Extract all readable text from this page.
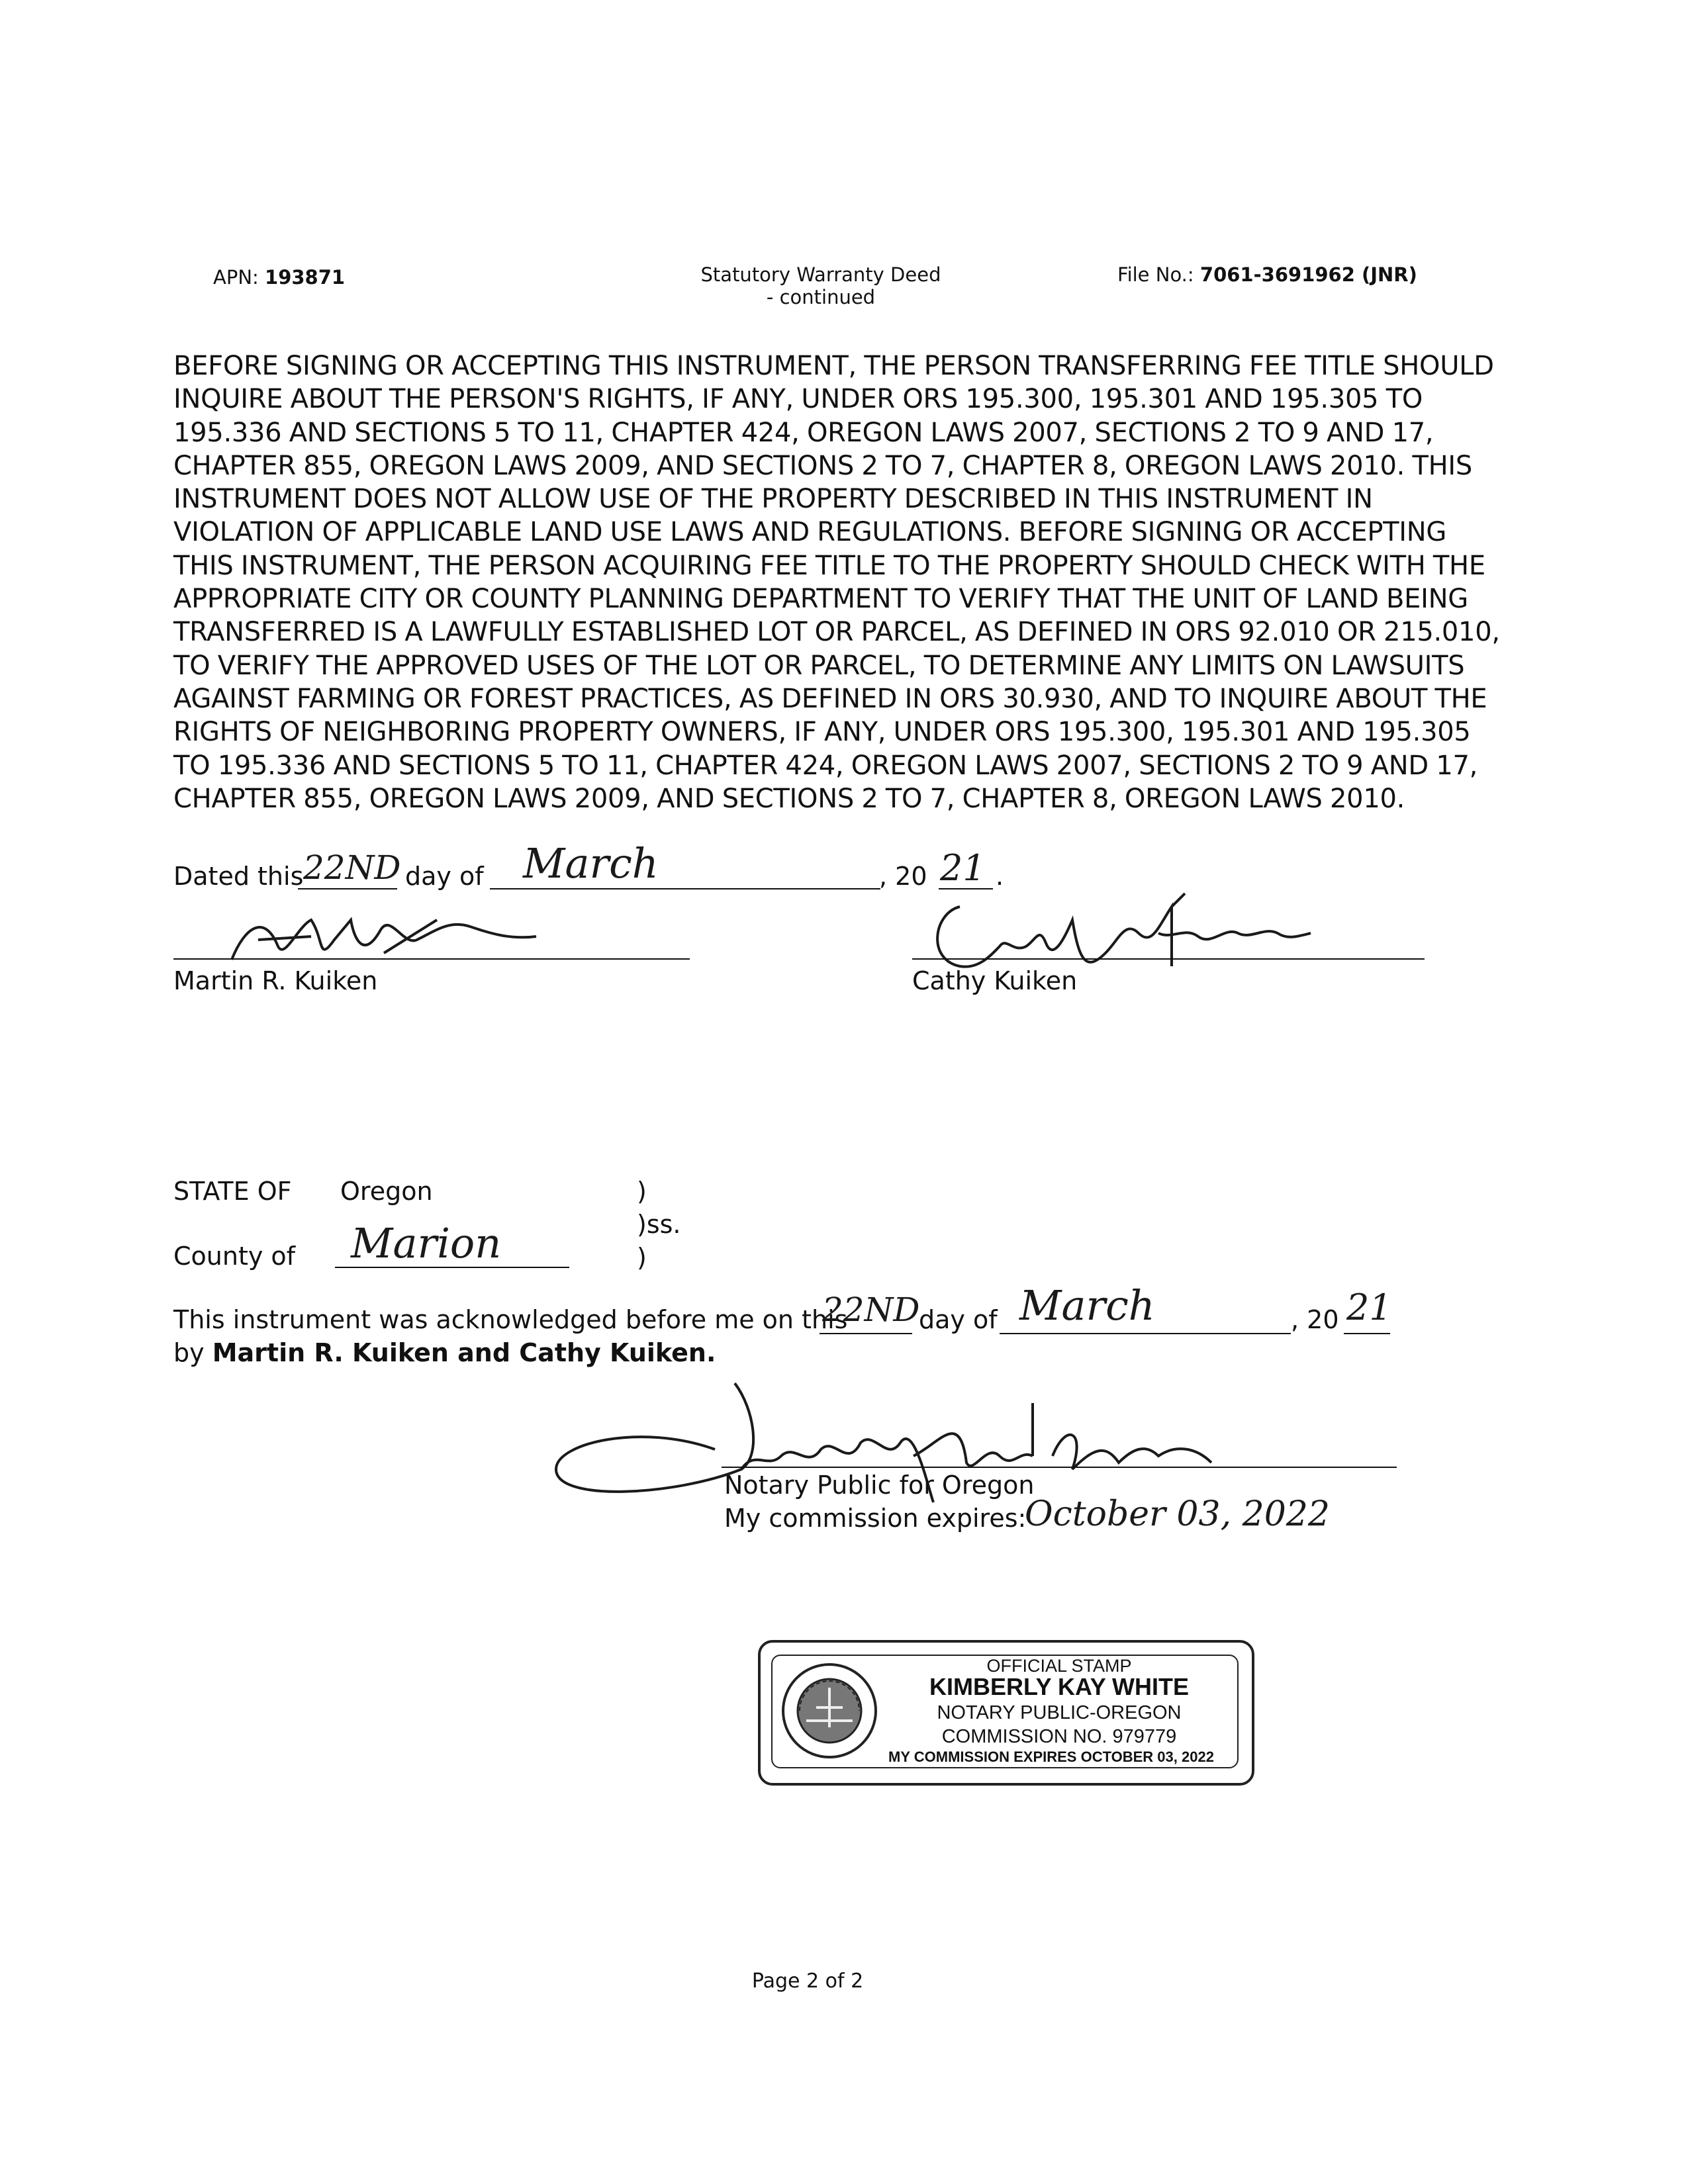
APN: 193871	Statutory Warranty Deed
- continued
File No.: 7061-3691962 (JNR)

BEFORE SIGNING OR ACCEPTING THIS INSTRUMENT, THE PERSON TRANSFERRING FEE TITLE SHOULD

INQUIRE ABOUT THE PERSON'S RIGHTS, IF ANY, UNDER ORS 195.300, 195.301 AND 195.305 TO

195.336 AND SECTIONS 5 TO 11, CHAPTER 424, OREGON LAWS 2007, SECTIONS 2 TO 9 AND 17,

CHAPTER 855, OREGON LAWS 2009, AND SECTIONS 2 TO 7, CHAPTER 8, OREGON LAWS 2010. THIS

INSTRUMENT DOES NOT ALLOW USE OF THE PROPERTY DESCRIBED IN THIS INSTRUMENT IN

VIOLATION OF APPLICABLE LAND USE LAWS AND REGULATIONS. BEFORE SIGNING OR ACCEPTING

THIS INSTRUMENT, THE PERSON ACQUIRING FEE TITLE TO THE PROPERTY SHOULD CHECK WITH THE

APPROPRIATE CITY OR COUNTY PLANNING DEPARTMENT TO VERIFY THAT THE UNIT OF LAND BEING

TRANSFERRED IS A LAWFULLY ESTABLISHED LOT OR PARCEL, AS DEFINED IN ORS 92.010 OR 215.010,

TO VERIFY THE APPROVED USES OF THE LOT OR PARCEL, TO DETERMINE ANY LIMITS ON LAWSUITS

AGAINST FARMING OR FOREST PRACTICES, AS DEFINED IN ORS 30.930, AND TO INQUIRE ABOUT THE

RIGHTS OF NEIGHBORING PROPERTY OWNERS, IF ANY, UNDER ORS 195.300, 195.301 AND 195.305

TO 195.336 AND SECTIONS 5 TO 11, CHAPTER 424, OREGON LAWS 2007, SECTIONS 2 TO 9 AND 17,

CHAPTER 855, OREGON LAWS 2009, AND SECTIONS 2 TO 7, CHAPTER 8, OREGON LAWS 2010.

Dated this 22ND day of March	, 20 21 .
Martin R. Kuiken	Cathy Kuiken
STATE OF Oregon	)
)ss.
)
County of Marion
This instrument was acknowledged before me on this
22ND
day of March	, 20 21
by Martin R. Kuiken and Cathy Kuiken.
Notary Public for Oregon
My commission expires:
October 03, 2022
OFFICIAL STAMP
KIMBERLY KAY WHITE
NOTARY PUBLIC-OREGON
COMMISSION NO. 979779
MY COMMISSION EXPIRES OCTOBER 03, 2022
Page 2 of 2
